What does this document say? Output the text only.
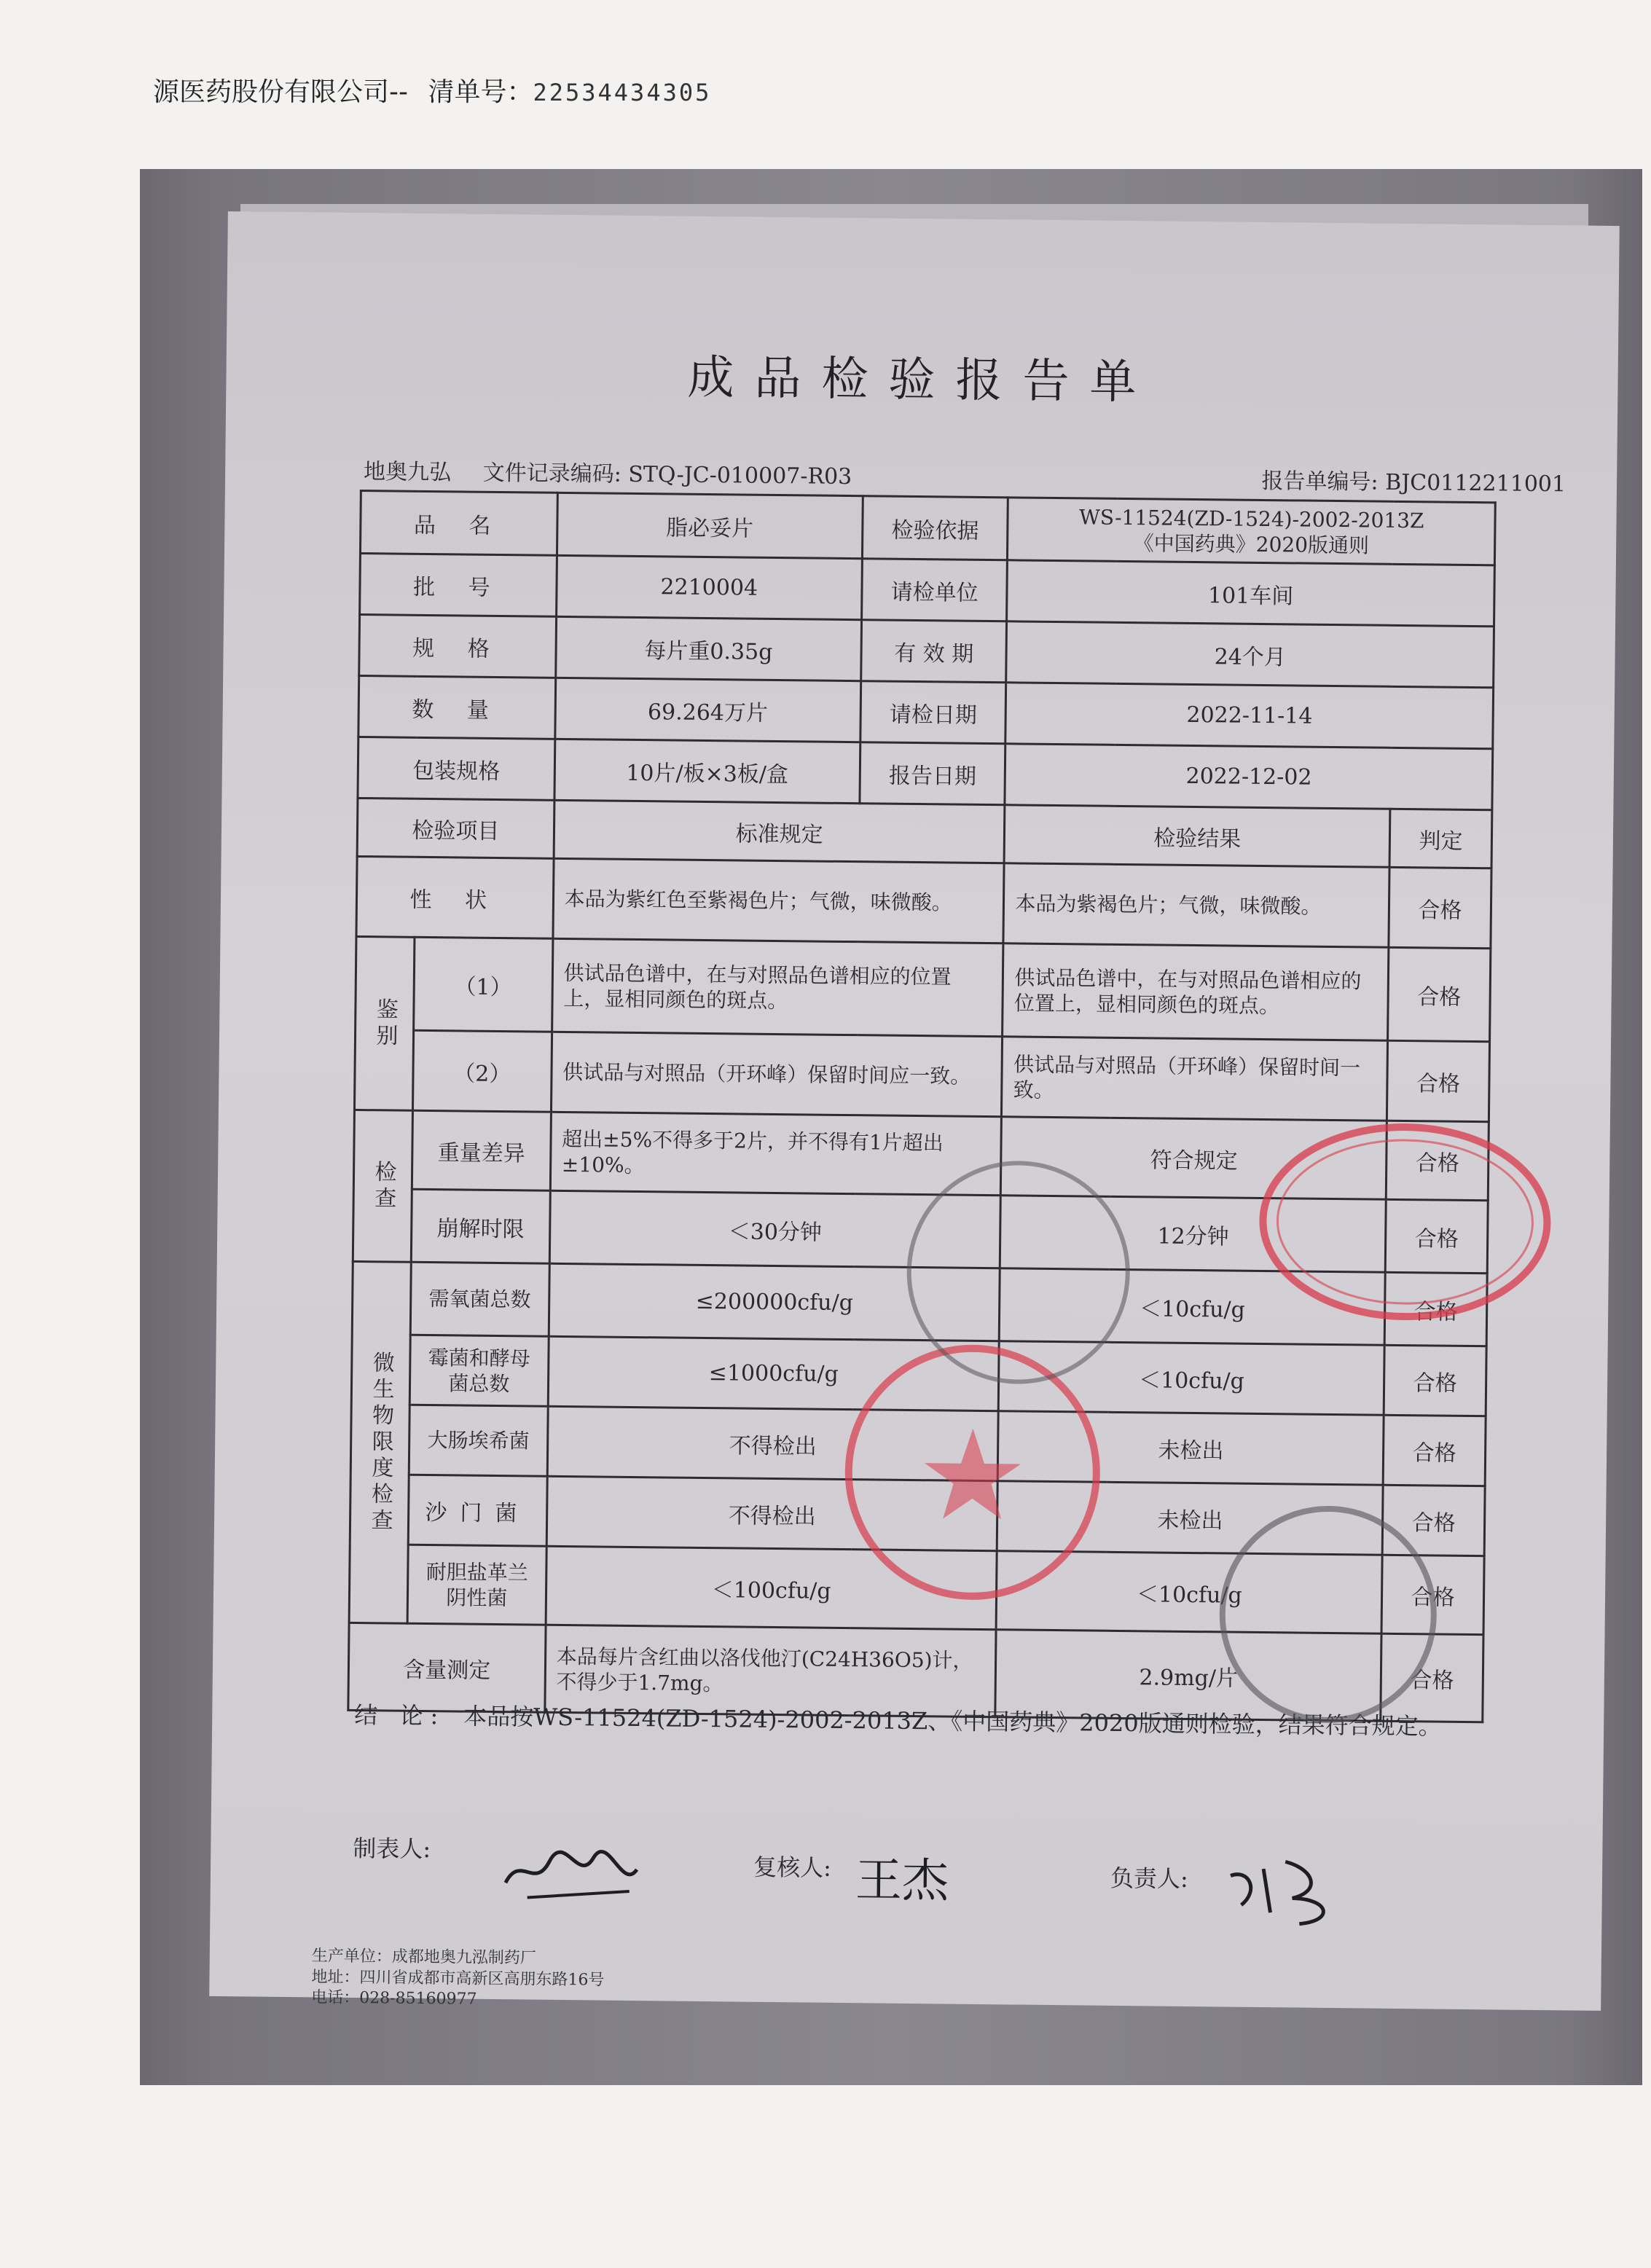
源医药股份有限公司-- 清单号：22534434305
成品检验报告单
地奥九弘 文件记录编码: STQ-JC-010007-R03	报告单编号: BJC0112211001
品 名		脂必妥片	检验依据	WS-11524(ZD-1524)-2002-2013Z
《中国药典》2020版通则	

批 号		2210004	请检单位	101车间	
规 格		每片重0.35g	有 效 期	24个月	
数 量		69.264万片	请检日期	2022-11-14	
包装规格		10片/板×3板/盒	报告日期	2022-12-02	
检验项目		标准规定		检验结果	判定
性 状		本品为紫红色至紫褐色片；气微，味微酸。		本品为紫褐色片；气微，味微酸。	合格
鉴别	（1）	供试品色谱中，在与对照品色谱相应的位置上，显相同颜色的斑点。		供试品色谱中，在与对照品色谱相应的位置上，显相同颜色的斑点。	合格
	（2）	供试品与对照品（开环峰）保留时间应一致。		供试品与对照品（开环峰）保留时间一致。	合格
检查	重量差异	超出±5%不得多于2片，并不得有1片超出±10%。		符合规定	合格
	崩解时限	＜30分钟		12分钟	合格
微生物限度检查	需氧菌总数	≤200000cfu/g		＜10cfu/g	合格
	霉菌和酵母菌总数	≤1000cfu/g		＜10cfu/g	合格
	大肠埃希菌	不得检出		未检出	合格
	沙门菌	不得检出		未检出	合格
	耐胆盐革兰阴性菌	＜100cfu/g		＜10cfu/g	合格
含量测定		本品每片含红曲以洛伐他汀(C24H36O5)计，不得少于1.7mg。		2.9mg/片	合格
结 论: 本品按WS-11524(ZD-1524)-2002-2013Z、《中国药典》2020版通则检验，结果符合规定。
制表人:
复核人:	负责人:
王杰
生产单位：成都地奥九泓制药厂
地址：四川省成都市高新区高朋东路16号
电话：028-85160977
